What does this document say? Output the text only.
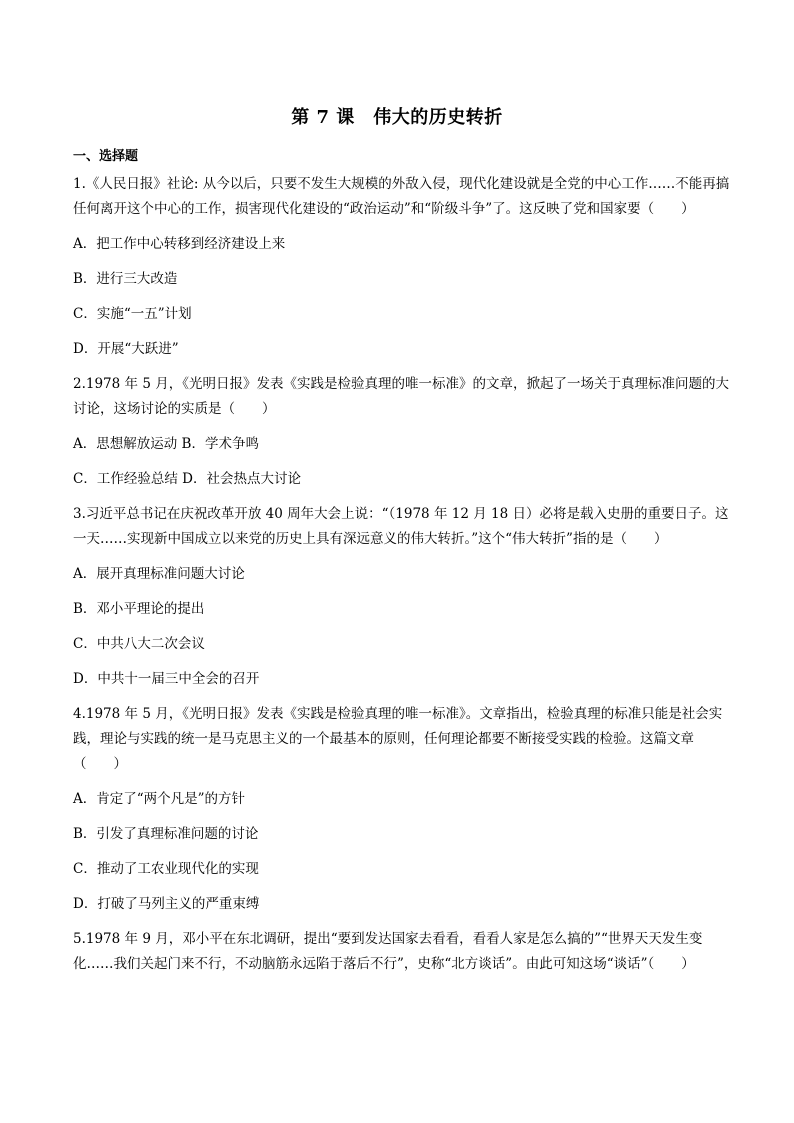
第 7 课　伟大的历史转折
一、选择题
1.《人民日报》社论: 从今以后，只要不发生大规模的外敌入侵，现代化建设就是全党的中心工作……不能再搞任何离开这个中心的工作，损害现代化建设的“政治运动”和“阶级斗争”了。这反映了党和国家要（　　）
A．把工作中心转移到经济建设上来
B．进行三大改造
C．实施“一五”计划
D．开展“大跃进”
2.1978 年 5 月，《光明日报》发表《实践是检验真理的唯一标准》的文章，掀起了一场关于真理标准问题的大讨论，这场讨论的实质是（　　）
A．思想解放运动 B．学术争鸣
C．工作经验总结 D．社会热点大讨论
3.习近平总书记在庆祝改革开放 40 周年大会上说：“（1978 年 12 月 18 日）必将是载入史册的重要日子。这一天……实现新中国成立以来党的历史上具有深远意义的伟大转折。”这个“伟大转折”指的是（　　）
A．展开真理标准问题大讨论
B．邓小平理论的提出
C．中共八大二次会议
D．中共十一届三中全会的召开
4.1978 年 5 月，《光明日报》发表《实践是检验真理的唯一标准》。文章指出，检验真理的标准只能是社会实践，理论与实践的统一是马克思主义的一个最基本的原则，任何理论都要不断接受实践的检验。这篇文章（　　）
A．肯定了“两个凡是”的方针
B．引发了真理标准问题的讨论
C．推动了工农业现代化的实现
D．打破了马列主义的严重束缚
5.1978 年 9 月，邓小平在东北调研，提出“要到发达国家去看看，看看人家是怎么搞的”“世界天天发生变化……我们关起门来不行，不动脑筋永远陷于落后不行”，史称“北方谈话”。由此可知这场“谈话”（　　）
